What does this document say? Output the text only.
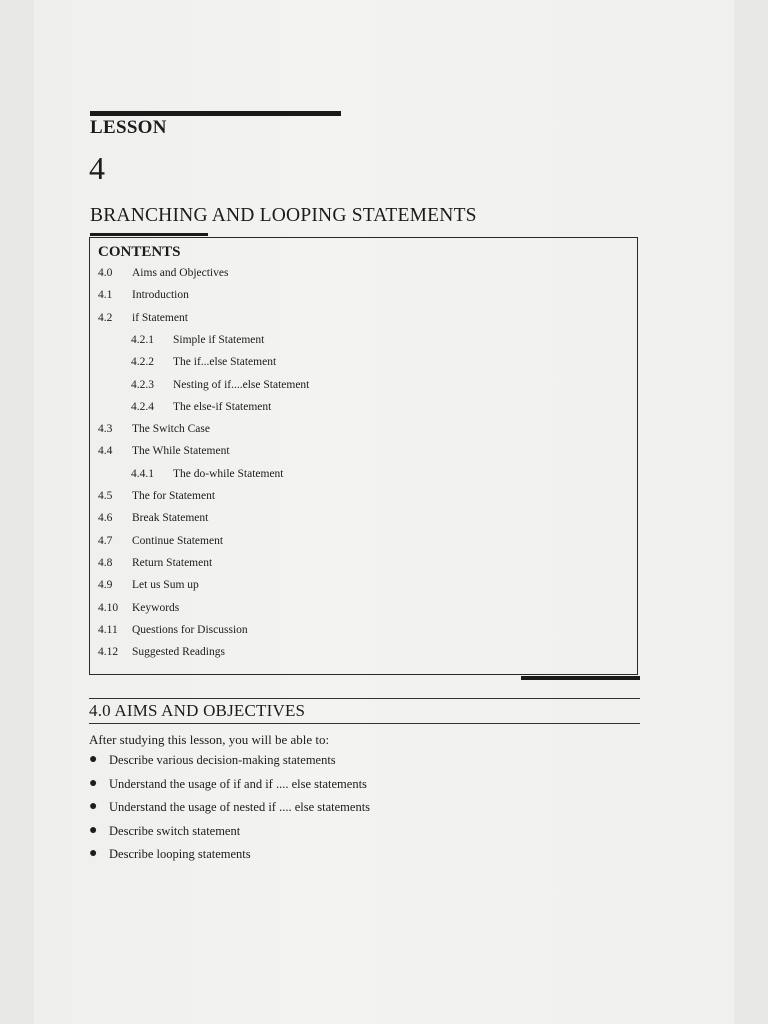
LESSON
4
BRANCHING AND LOOPING STATEMENTS
CONTENTS
4.0 Aims and Objectives
4.1 Introduction
4.2 if Statement
4.2.1 Simple if Statement
4.2.2 The if...else Statement
4.2.3 Nesting of if....else Statement
4.2.4 The else-if Statement
4.3 The Switch Case
4.4 The While Statement
4.4.1 The do-while Statement
4.5 The for Statement
4.6 Break Statement
4.7 Continue Statement
4.8 Return Statement
4.9 Let us Sum up
4.10 Keywords
4.11 Questions for Discussion
4.12 Suggested Readings
4.0 AIMS AND OBJECTIVES

After studying this lesson, you will be able to:

● Describe various decision-making statements
● Understand the usage of if and if .... else statements
● Understand the usage of nested if .... else statements
● Describe switch statement
● Describe looping statements
